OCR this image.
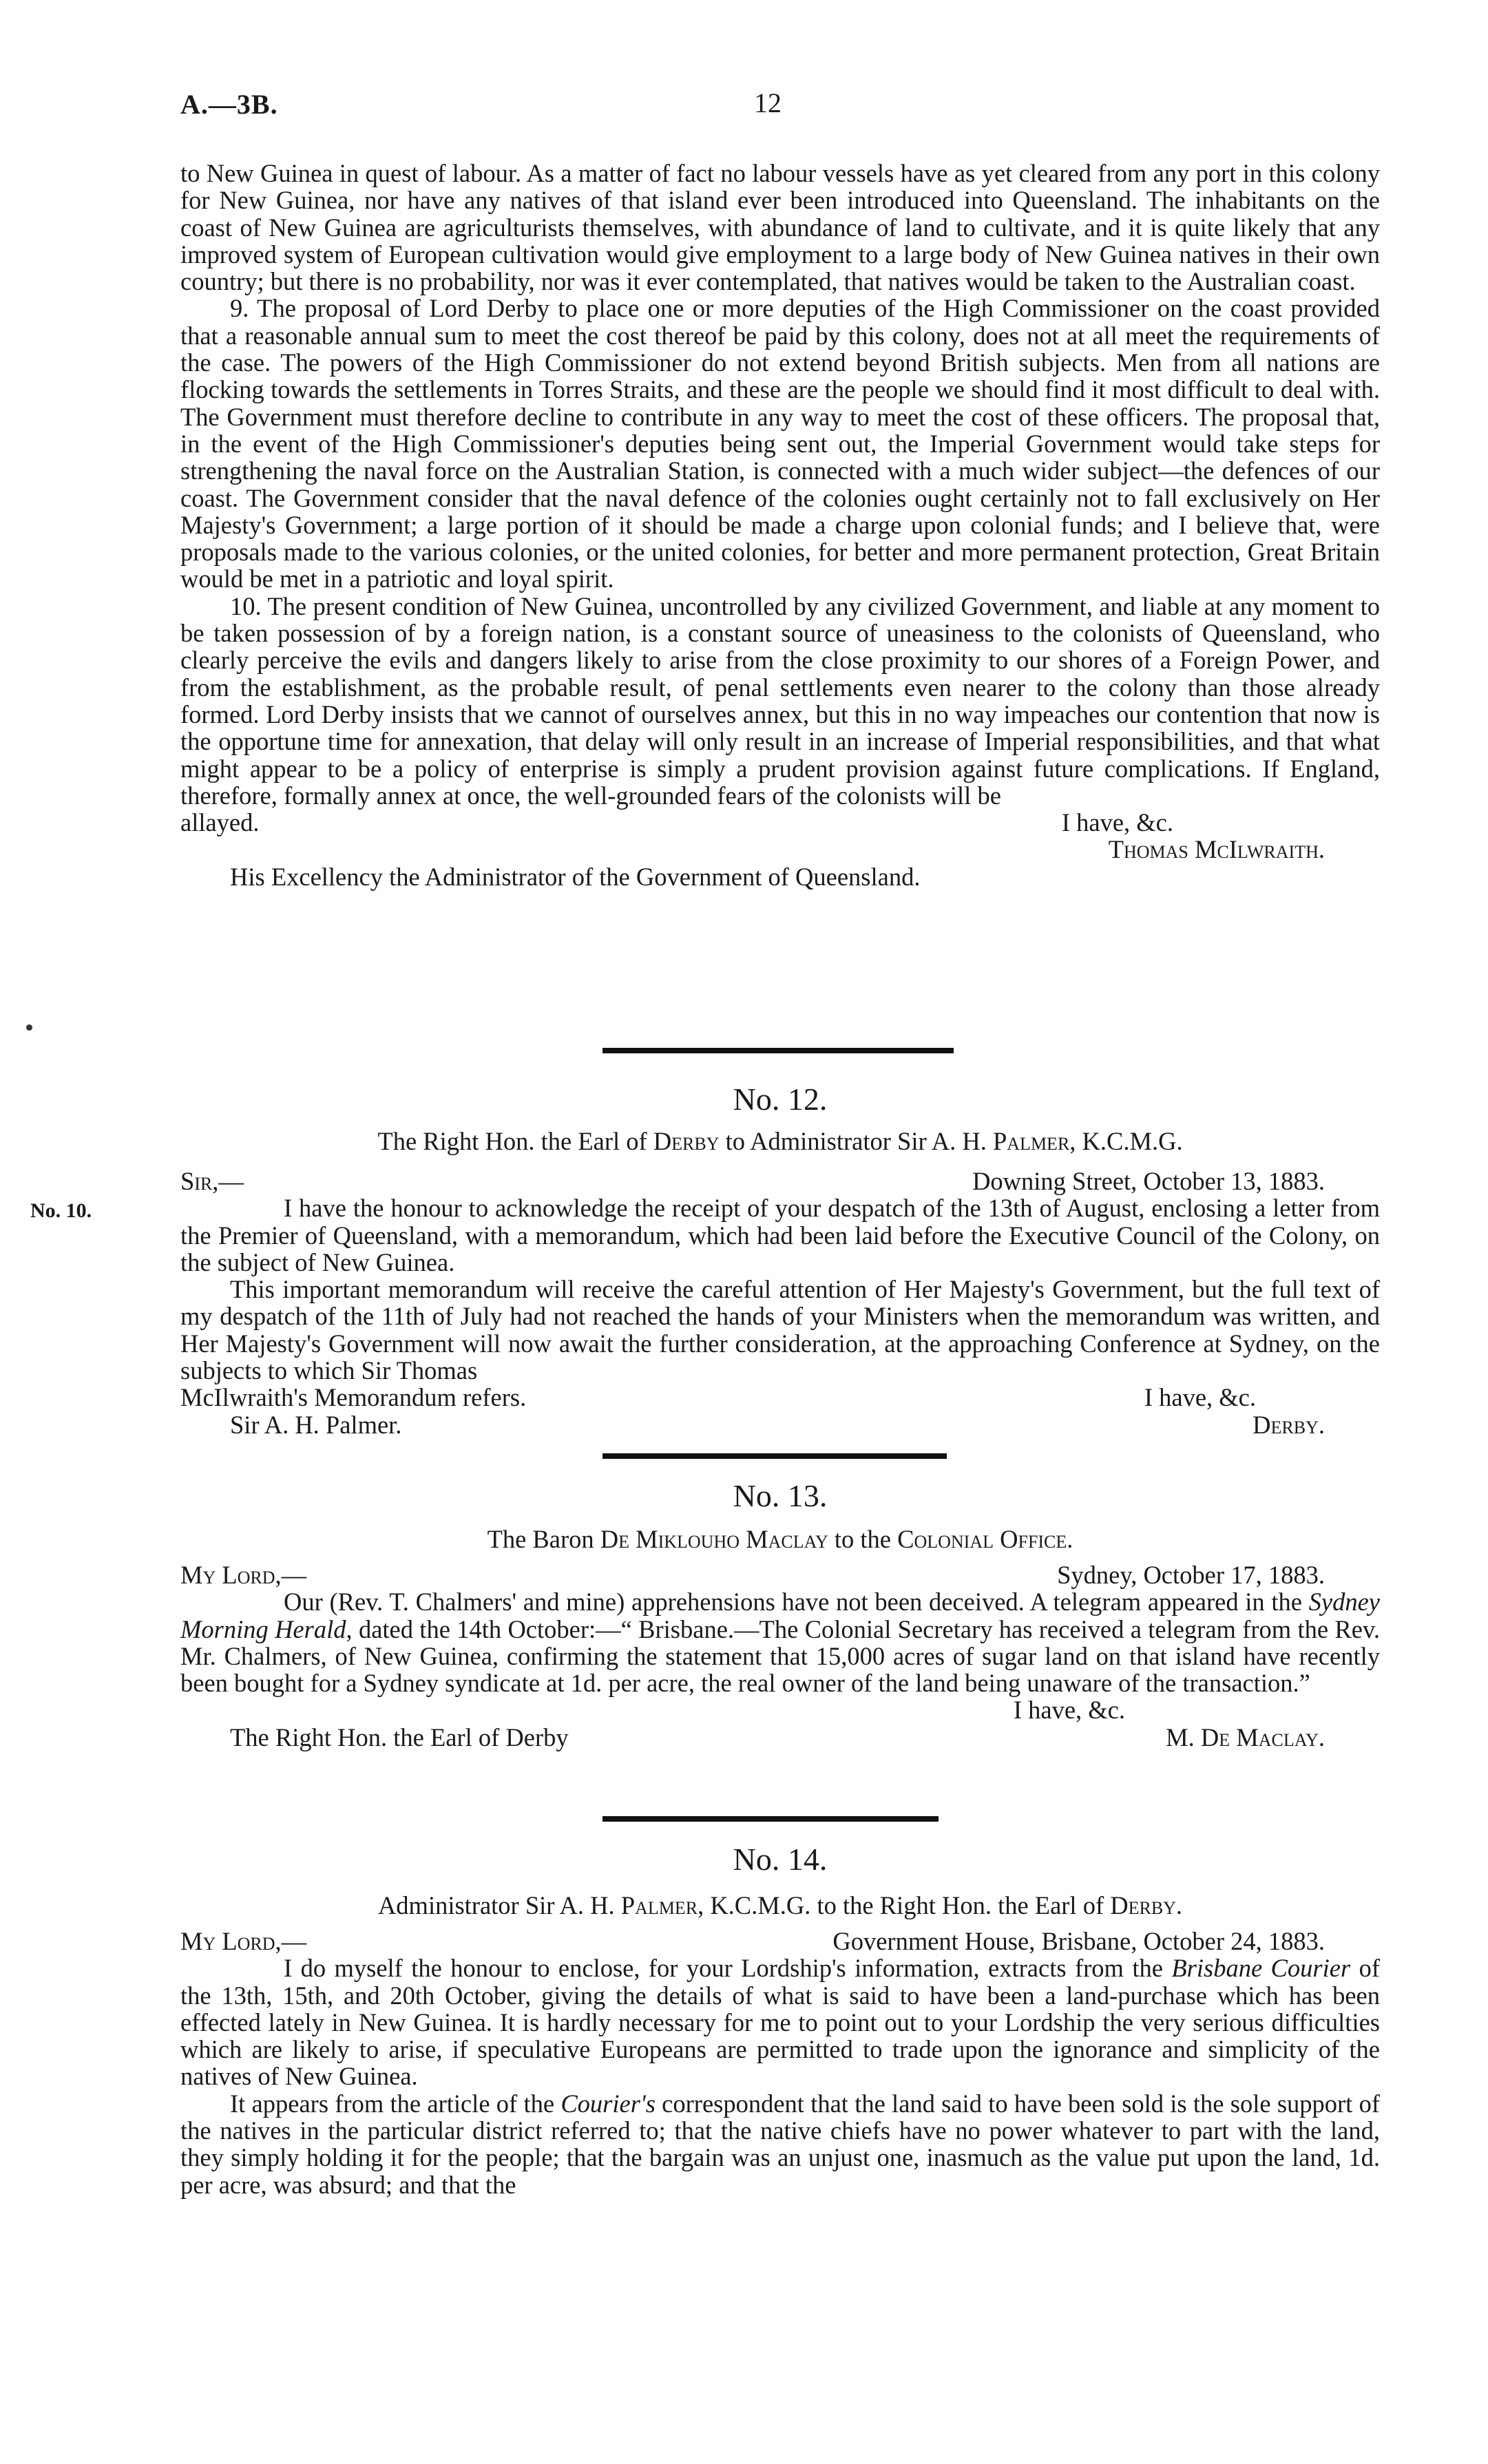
A.—3B.	12

to New Guinea in quest of labour. As a matter of fact no labour vessels have as yet cleared from any port in this colony for New Guinea, nor have any natives of that island ever been introduced into Queensland. The inhabitants on the coast of New Guinea are agriculturists themselves, with abundance of land to cultivate, and it is quite likely that any improved system of European cultivation would give employment to a large body of New Guinea natives in their own country; but there is no probability, nor was it ever contemplated, that natives would be taken to the Australian coast.

9. The proposal of Lord Derby to place one or more deputies of the High Commissioner on the coast provided that a reasonable annual sum to meet the cost thereof be paid by this colony, does not at all meet the requirements of the case. The powers of the High Commissioner do not extend beyond British subjects. Men from all nations are flocking towards the settlements in Torres Straits, and these are the people we should find it most difficult to deal with. The Government must therefore decline to contribute in any way to meet the cost of these officers. The proposal that, in the event of the High Commissioner's deputies being sent out, the Imperial Government would take steps for strengthening the naval force on the Australian Station, is connected with a much wider subject—the defences of our coast. The Government consider that the naval defence of the colonies ought certainly not to fall exclusively on Her Majesty's Government; a large portion of it should be made a charge upon colonial funds; and I believe that, were proposals made to the various colonies, or the united colonies, for better and more permanent protection, Great Britain would be met in a patriotic and loyal spirit.

10. The present condition of New Guinea, uncontrolled by any civilized Government, and liable at any moment to be taken possession of by a foreign nation, is a constant source of uneasiness to the colonists of Queensland, who clearly perceive the evils and dangers likely to arise from the close proximity to our shores of a Foreign Power, and from the establishment, as the probable result, of penal settlements even nearer to the colony than those already formed. Lord Derby insists that we cannot of ourselves annex, but this in no way impeaches our contention that now is the opportune time for annexation, that delay will only result in an increase of Imperial responsibilities, and that what might appear to be a policy of enterprise is simply a prudent provision against future complications. If England, therefore, formally annex at once, the well-grounded fears of the colonists will be

allayed.	I have, &c.
Thomas McIlwraith.
His Excellency the Administrator of the Government of Queensland.
No. 12.
The Right Hon. the Earl of Derby to Administrator Sir A. H. Palmer, K.C.M.G.
No. 10.
Sir,—	Downing Street, October 13, 1883.

I have the honour to acknowledge the receipt of your despatch of the 13th of August, enclosing a letter from the Premier of Queensland, with a memorandum, which had been laid before the Executive Council of the Colony, on the subject of New Guinea.

This important memorandum will receive the careful attention of Her Majesty's Government, but the full text of my despatch of the 11th of July had not reached the hands of your Ministers when the memorandum was written, and Her Majesty's Government will now await the further consideration, at the approaching Conference at Sydney, on the subjects to which Sir Thomas

McIlwraith's Memorandum refers.	I have, &c.
Sir A. H. Palmer.	Derby.
No. 13.
The Baron De Miklouho Maclay to the Colonial Office.
My Lord,—	Sydney, October 17, 1883.

Our (Rev. T. Chalmers' and mine) apprehensions have not been deceived. A telegram appeared in the Sydney Morning Herald, dated the 14th October:—“ Brisbane.—The Colonial Secretary has received a telegram from the Rev. Mr. Chalmers, of New Guinea, confirming the statement that 15,000 acres of sugar land on that island have recently been bought for a Sydney syndicate at 1d. per acre, the real owner of the land being unaware of the transaction.”

I have, &c.
The Right Hon. the Earl of Derby	M. De Maclay.
No. 14.
Administrator Sir A. H. Palmer, K.C.M.G. to the Right Hon. the Earl of Derby.
My Lord,—	Government House, Brisbane, October 24, 1883.

I do myself the honour to enclose, for your Lordship's information, extracts from the Brisbane Courier of the 13th, 15th, and 20th October, giving the details of what is said to have been a land-purchase which has been effected lately in New Guinea. It is hardly necessary for me to point out to your Lordship the very serious difficulties which are likely to arise, if speculative Europeans are permitted to trade upon the ignorance and simplicity of the natives of New Guinea.

It appears from the article of the Courier's correspondent that the land said to have been sold is the sole support of the natives in the particular district referred to; that the native chiefs have no power whatever to part with the land, they simply holding it for the people; that the bargain was an unjust one, inasmuch as the value put upon the land, 1d. per acre, was absurd; and that the
